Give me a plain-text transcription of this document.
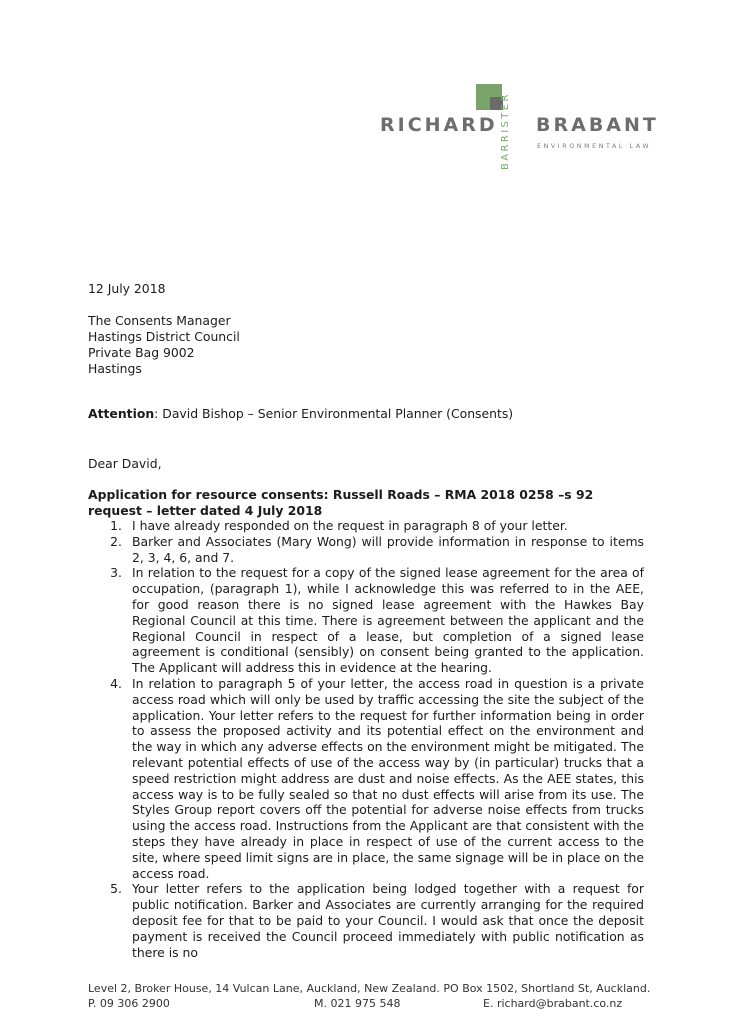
RICHARD BRABANT
BARRISTER	ENVIRONMENTAL LAW
12 July 2018
The Consents Manager
Hastings District Council
Private Bag 9002
Hastings
Attention: David Bishop – Senior Environmental Planner (Consents)
Dear David,
Application for resource consents: Russell Roads – RMA 2018 0258 –s 92 request – letter dated 4 July 2018
1. I have already responded on the request in paragraph 8 of your letter.
2. Barker and Associates (Mary Wong) will provide information in response to items 2, 3, 4, 6, and 7.
3. In relation to the request for a copy of the signed lease agreement for the area of occupation, (paragraph 1), while I acknowledge this was referred to in the AEE, for good reason there is no signed lease agreement with the Hawkes Bay Regional Council at this time. There is agreement between the applicant and the Regional Council in respect of a lease, but completion of a signed lease agreement is conditional (sensibly) on consent being granted to the application. The Applicant will address this in evidence at the hearing.
4. In relation to paragraph 5 of your letter, the access road in question is a private access road which will only be used by traffic accessing the site the subject of the application. Your letter refers to the request for further information being in order to assess the proposed activity and its potential effect on the environment and the way in which any adverse effects on the environment might be mitigated. The relevant potential effects of use of the access way by (in particular) trucks that a speed restriction might address are dust and noise effects. As the AEE states, this access way is to be fully sealed so that no dust effects will arise from its use. The Styles Group report covers off the potential for adverse noise effects from trucks using the access road. Instructions from the Applicant are that consistent with the steps they have already in place in respect of use of the current access to the site, where speed limit signs are in place, the same signage will be in place on the access road.
5. Your letter refers to the application being lodged together with a request for public notification. Barker and Associates are currently arranging for the required deposit fee for that to be paid to your Council. I would ask that once the deposit payment is received the Council proceed immediately with public notification as there is no
Level 2, Broker House, 14 Vulcan Lane, Auckland, New Zealand. PO Box 1502, Shortland St, Auckland.
P. 09 306 2900	M. 021 975 548	E. richard@brabant.co.nz
